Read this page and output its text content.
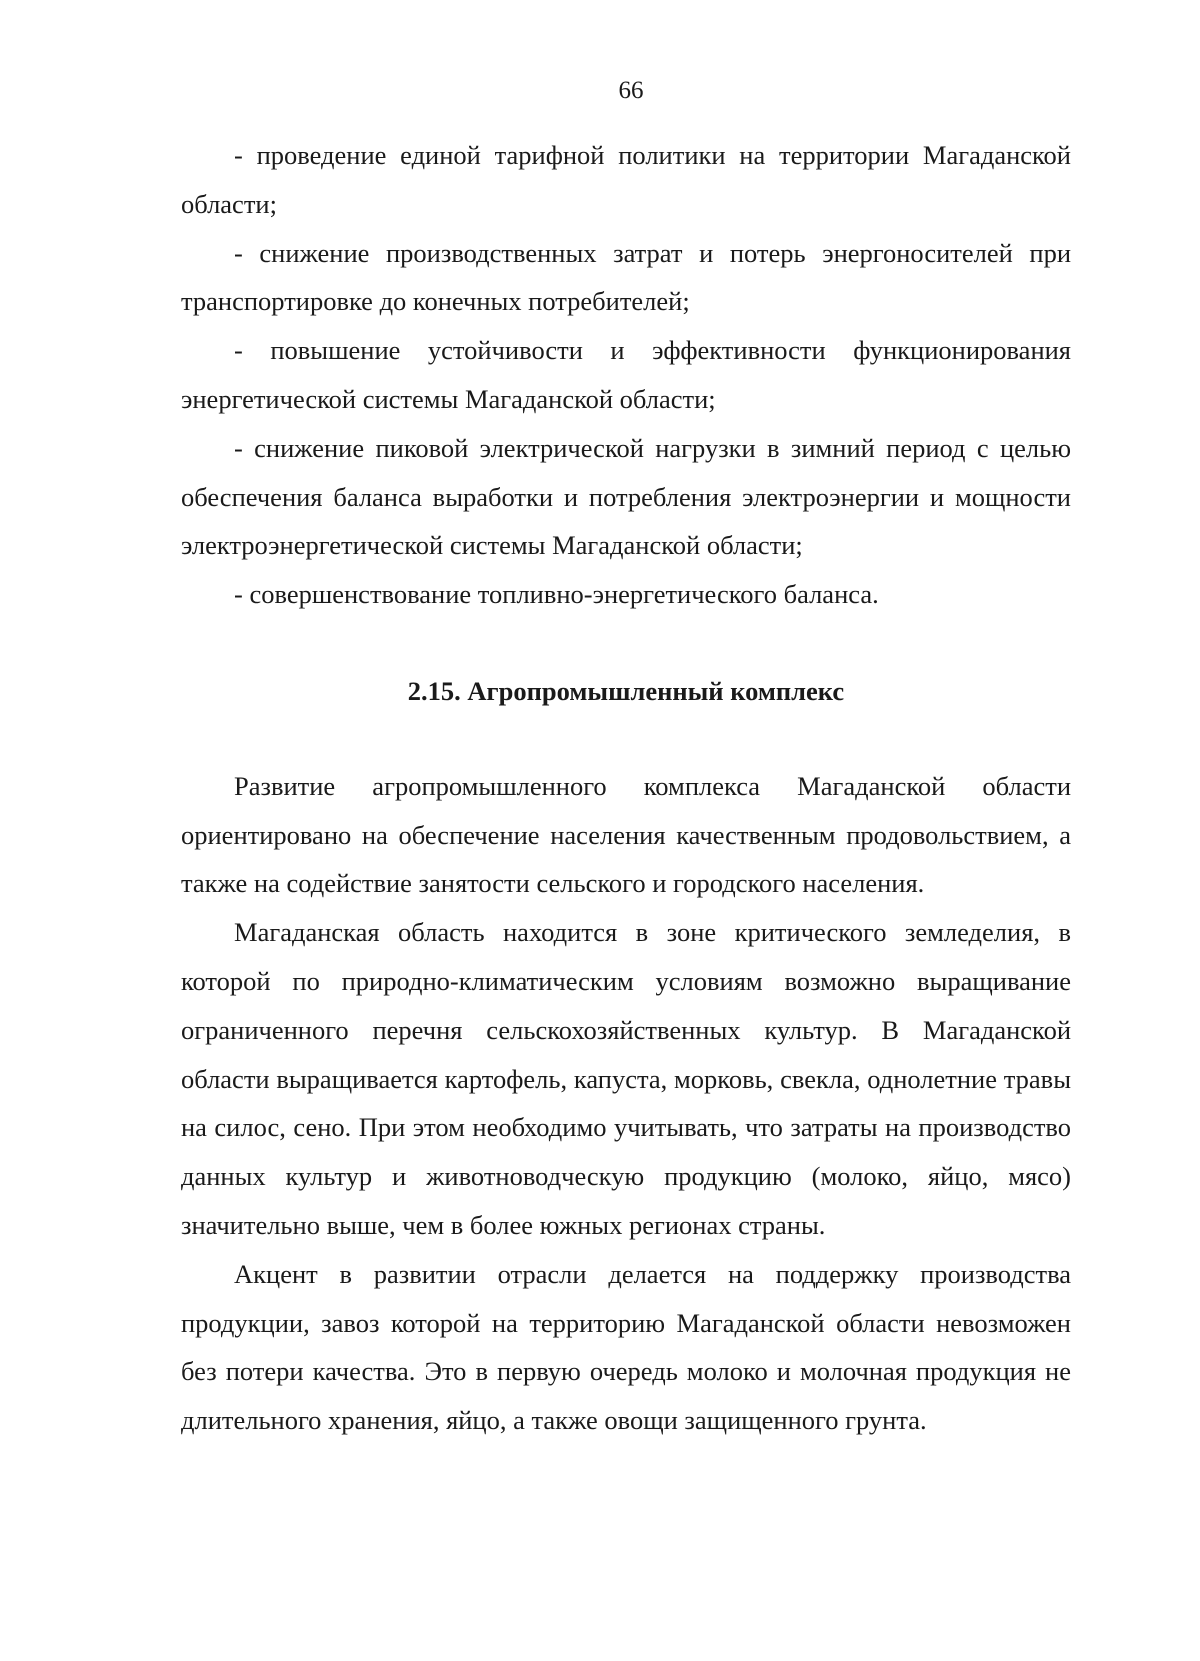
66

- проведение единой тарифной политики на территории Магаданской области;

- снижение производственных затрат и потерь энергоносителей при транспортировке до конечных потребителей;

- повышение устойчивости и эффективности функционирования энергетической системы Магаданской области;

- снижение пиковой электрической нагрузки в зимний период с целью обеспечения баланса выработки и потребления электроэнергии и мощности электроэнергетической системы Магаданской области;

- совершенствование топливно-энергетического баланса.

2.15. Агропромышленный комплекс

Развитие агропромышленного комплекса Магаданской области ориентировано на обеспечение населения качественным продовольствием, а также на содействие занятости сельского и городского населения.

Магаданская область находится в зоне критического земледелия, в которой по природно-климатическим условиям возможно выращивание ограниченного перечня сельскохозяйственных культур. В Магаданской области выращивается картофель, капуста, морковь, свекла, однолетние травы на силос, сено. При этом необходимо учитывать, что затраты на производство данных культур и животноводческую продукцию (молоко, яйцо, мясо) значительно выше, чем в более южных регионах страны.

Акцент в развитии отрасли делается на поддержку производства продукции, завоз которой на территорию Магаданской области невозможен без потери качества. Это в первую очередь молоко и молочная продукция не длительного хранения, яйцо, а также овощи защищенного грунта.
